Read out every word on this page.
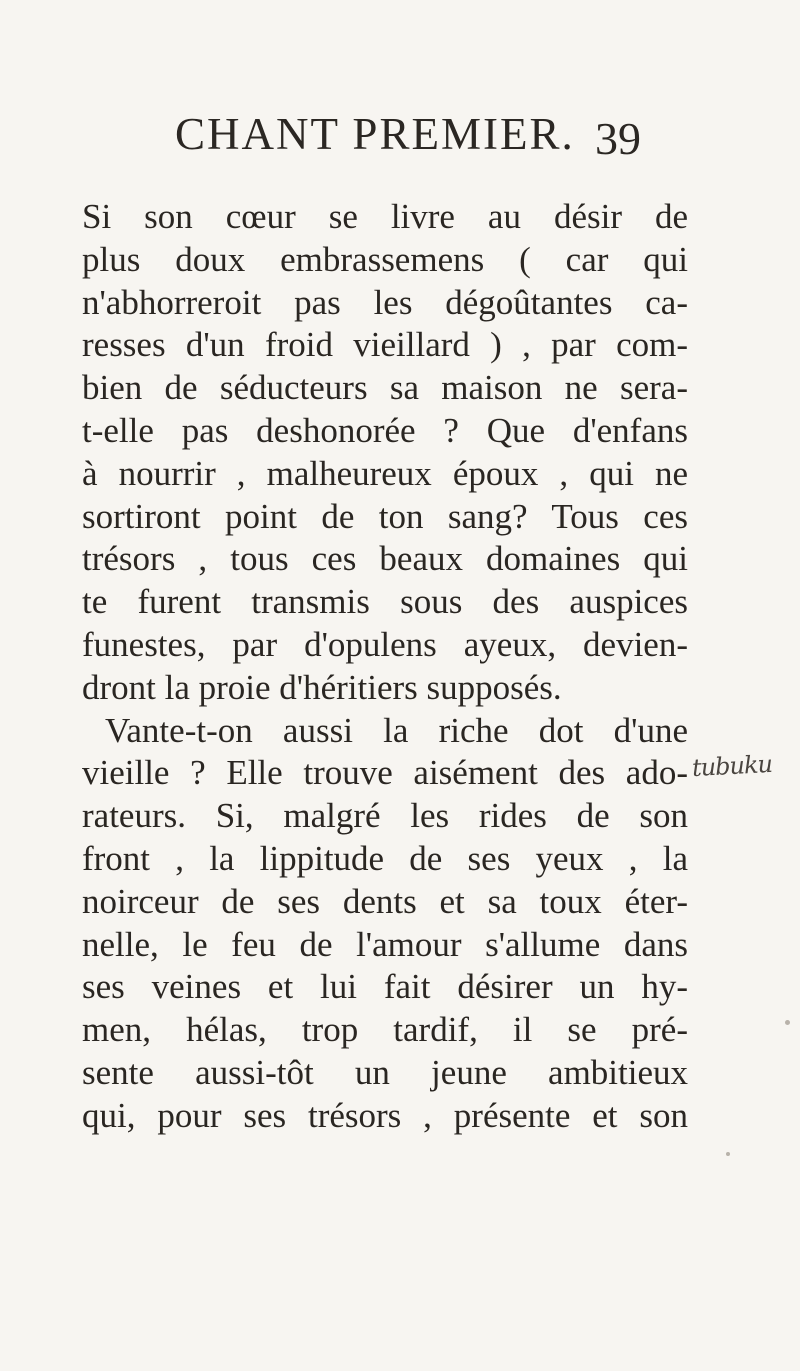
CHANT PREMIER. 39
Si son cœur se livre au désir de
plus doux embrassemens ( car qui
n'abhorreroit pas les dégoûtantes ca-
resses d'un froid vieillard ) , par com-
bien de séducteurs sa maison ne sera-
t-elle pas deshonorée ? Que d'enfans
à nourrir , malheureux époux , qui ne
sortiront point de ton sang? Tous ces
trésors , tous ces beaux domaines qui
te furent transmis sous des auspices
funestes, par d'opulens ayeux, devien-
dront la proie d'héritiers supposés.
Vante-t-on aussi la riche dot d'une
vieille ? Elle trouve aisément des ado-
rateurs. Si, malgré les rides de son
front , la lippitude de ses yeux , la
noirceur de ses dents et sa toux éter-
nelle, le feu de l'amour s'allume dans
ses veines et lui fait désirer un hy-
men, hélas, trop tardif, il se pré-
sente aussi-tôt un jeune ambitieux
qui, pour ses trésors , présente et son
tubuku
